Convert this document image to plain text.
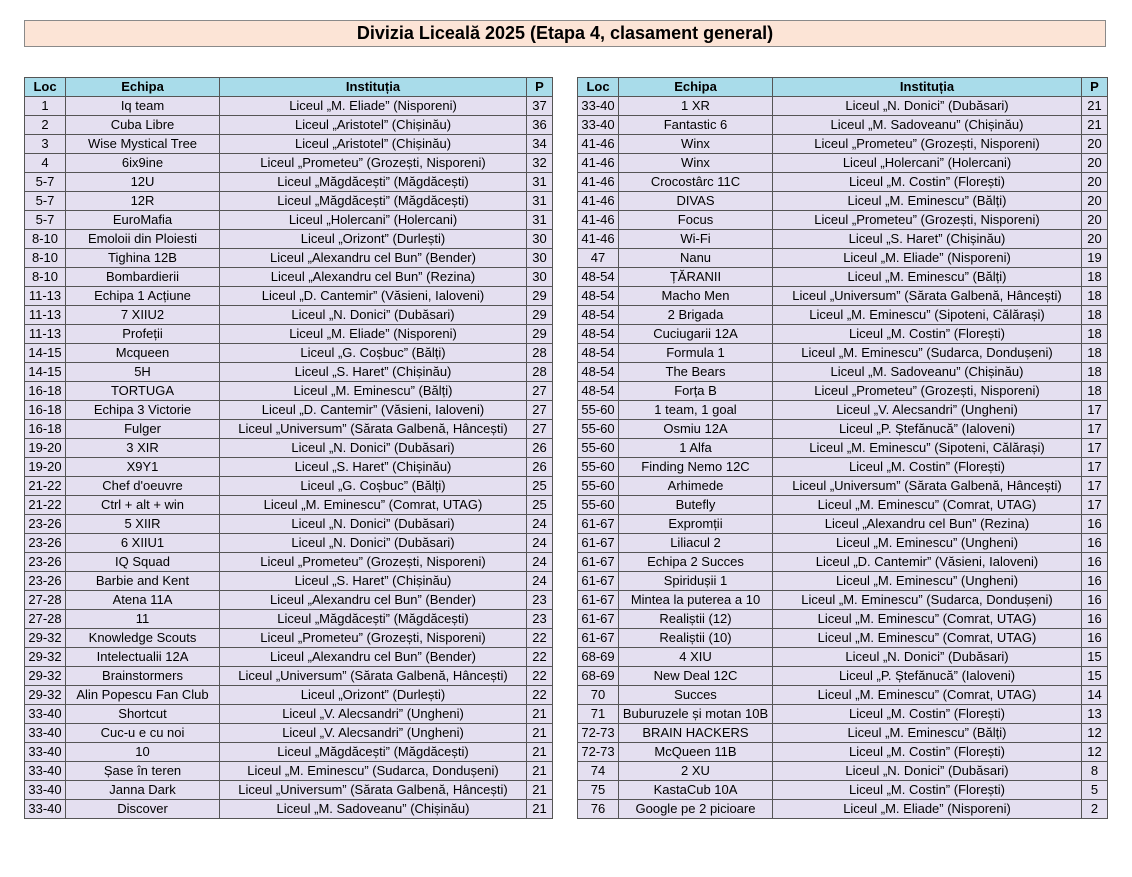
Divizia Liceală 2025 (Etapa 4, clasament general)
Loc	Echipa	Instituția	P
1	Iq team	Liceul „M. Eliade” (Nisporeni)	37
2	Cuba Libre	Liceul „Aristotel” (Chișinău)	36
3	Wise Mystical Tree	Liceul „Aristotel” (Chișinău)	34
4	6ix9ine	Liceul „Prometeu” (Grozești, Nisporeni)	32
5-7	12U	Liceul „Măgdăcești” (Măgdăcești)	31
5-7	12R	Liceul „Măgdăcești” (Măgdăcești)	31
5-7	EuroMafia	Liceul „Holercani” (Holercani)	31
8-10	Emoloii din Ploiesti	Liceul „Orizont” (Durlești)	30
8-10	Tighina 12B	Liceul „Alexandru cel Bun” (Bender)	30
8-10	Bombardierii	Liceul „Alexandru cel Bun” (Rezina)	30
11-13	Echipa 1 Acțiune	Liceul „D. Cantemir” (Văsieni, Ialoveni)	29
11-13	7 XIIU2	Liceul „N. Donici” (Dubăsari)	29
11-13	Profeții	Liceul „M. Eliade” (Nisporeni)	29
14-15	Mcqueen	Liceul „G. Coșbuc” (Bălți)	28
14-15	5H	Liceul „S. Haret” (Chișinău)	28
16-18	TORTUGA	Liceul „M. Eminescu” (Bălți)	27
16-18	Echipa 3 Victorie	Liceul „D. Cantemir” (Văsieni, Ialoveni)	27
16-18	Fulger	Liceul „Universum” (Sărata Galbenă, Hâncești)	27
19-20	3 XIR	Liceul „N. Donici” (Dubăsari)	26
19-20	X9Y1	Liceul „S. Haret” (Chișinău)	26
21-22	Chef d'oeuvre	Liceul „G. Coșbuc” (Bălți)	25
21-22	Ctrl + alt + win	Liceul „M. Eminescu” (Comrat, UTAG)	25
23-26	5 XIIR	Liceul „N. Donici” (Dubăsari)	24
23-26	6 XIIU1	Liceul „N. Donici” (Dubăsari)	24
23-26	IQ Squad	Liceul „Prometeu” (Grozești, Nisporeni)	24
23-26	Barbie and Kent	Liceul „S. Haret” (Chișinău)	24
27-28	Atena 11A	Liceul „Alexandru cel Bun” (Bender)	23
27-28	11	Liceul „Măgdăcești” (Măgdăcești)	23
29-32	Knowledge Scouts	Liceul „Prometeu” (Grozești, Nisporeni)	22
29-32	Intelectualii 12A	Liceul „Alexandru cel Bun” (Bender)	22
29-32	Brainstormers	Liceul „Universum” (Sărata Galbenă, Hâncești)	22
29-32	Alin Popescu Fan Club	Liceul „Orizont” (Durlești)	22
33-40	Shortcut	Liceul „V. Alecsandri” (Ungheni)	21
33-40	Cuc-u e cu noi	Liceul „V. Alecsandri” (Ungheni)	21
33-40	10	Liceul „Măgdăcești” (Măgdăcești)	21
33-40	Șase în teren	Liceul „M. Eminescu” (Sudarca, Dondușeni)	21
33-40	Janna Dark	Liceul „Universum” (Sărata Galbenă, Hâncești)	21
33-40	Discover	Liceul „M. Sadoveanu” (Chișinău)	21
Loc	Echipa	Instituția	P
33-40	1 XR	Liceul „N. Donici” (Dubăsari)	21
33-40	Fantastic 6	Liceul „M. Sadoveanu” (Chișinău)	21
41-46	Winx	Liceul „Prometeu” (Grozești, Nisporeni)	20
41-46	Winx	Liceul „Holercani” (Holercani)	20
41-46	Crocostârc 11C	Liceul „M. Costin” (Florești)	20
41-46	DIVAS	Liceul „M. Eminescu” (Bălți)	20
41-46	Focus	Liceul „Prometeu” (Grozești, Nisporeni)	20
41-46	Wi-Fi	Liceul „S. Haret” (Chișinău)	20
47	Nanu	Liceul „M. Eliade” (Nisporeni)	19
48-54	ȚĂRANII	Liceul „M. Eminescu” (Bălți)	18
48-54	Macho Men	Liceul „Universum” (Sărata Galbenă, Hâncești)	18
48-54	2 Brigada	Liceul „M. Eminescu” (Sipoteni, Călărași)	18
48-54	Cuciugarii 12A	Liceul „M. Costin” (Florești)	18
48-54	Formula 1	Liceul „M. Eminescu” (Sudarca, Dondușeni)	18
48-54	The Bears	Liceul „M. Sadoveanu” (Chișinău)	18
48-54	Forța B	Liceul „Prometeu” (Grozești, Nisporeni)	18
55-60	1 team, 1 goal	Liceul „V. Alecsandri” (Ungheni)	17
55-60	Osmiu 12A	Liceul „P. Ștefănucă” (Ialoveni)	17
55-60	1 Alfa	Liceul „M. Eminescu” (Sipoteni, Călărași)	17
55-60	Finding Nemo 12C	Liceul „M. Costin” (Florești)	17
55-60	Arhimede	Liceul „Universum” (Sărata Galbenă, Hâncești)	17
55-60	Butefly	Liceul „M. Eminescu” (Comrat, UTAG)	17
61-67	Expromții	Liceul „Alexandru cel Bun” (Rezina)	16
61-67	Liliacul 2	Liceul „M. Eminescu” (Ungheni)	16
61-67	Echipa 2 Succes	Liceul „D. Cantemir” (Văsieni, Ialoveni)	16
61-67	Spiridușii 1	Liceul „M. Eminescu” (Ungheni)	16
61-67	Mintea la puterea a 10	Liceul „M. Eminescu” (Sudarca, Dondușeni)	16
61-67	Realiștii (12)	Liceul „M. Eminescu” (Comrat, UTAG)	16
61-67	Realiștii (10)	Liceul „M. Eminescu” (Comrat, UTAG)	16
68-69	4 XIU	Liceul „N. Donici” (Dubăsari)	15
68-69	New Deal 12C	Liceul „P. Ștefănucă” (Ialoveni)	15
70	Succes	Liceul „M. Eminescu” (Comrat, UTAG)	14
71	Buburuzele și motan 10B	Liceul „M. Costin” (Florești)	13
72-73	BRAIN HACKERS	Liceul „M. Eminescu” (Bălți)	12
72-73	McQueen 11B	Liceul „M. Costin” (Florești)	12
74	2 XU	Liceul „N. Donici” (Dubăsari)	8
75	KastaCub 10A	Liceul „M. Costin” (Florești)	5
76	Google pe 2 picioare	Liceul „M. Eliade” (Nisporeni)	2
